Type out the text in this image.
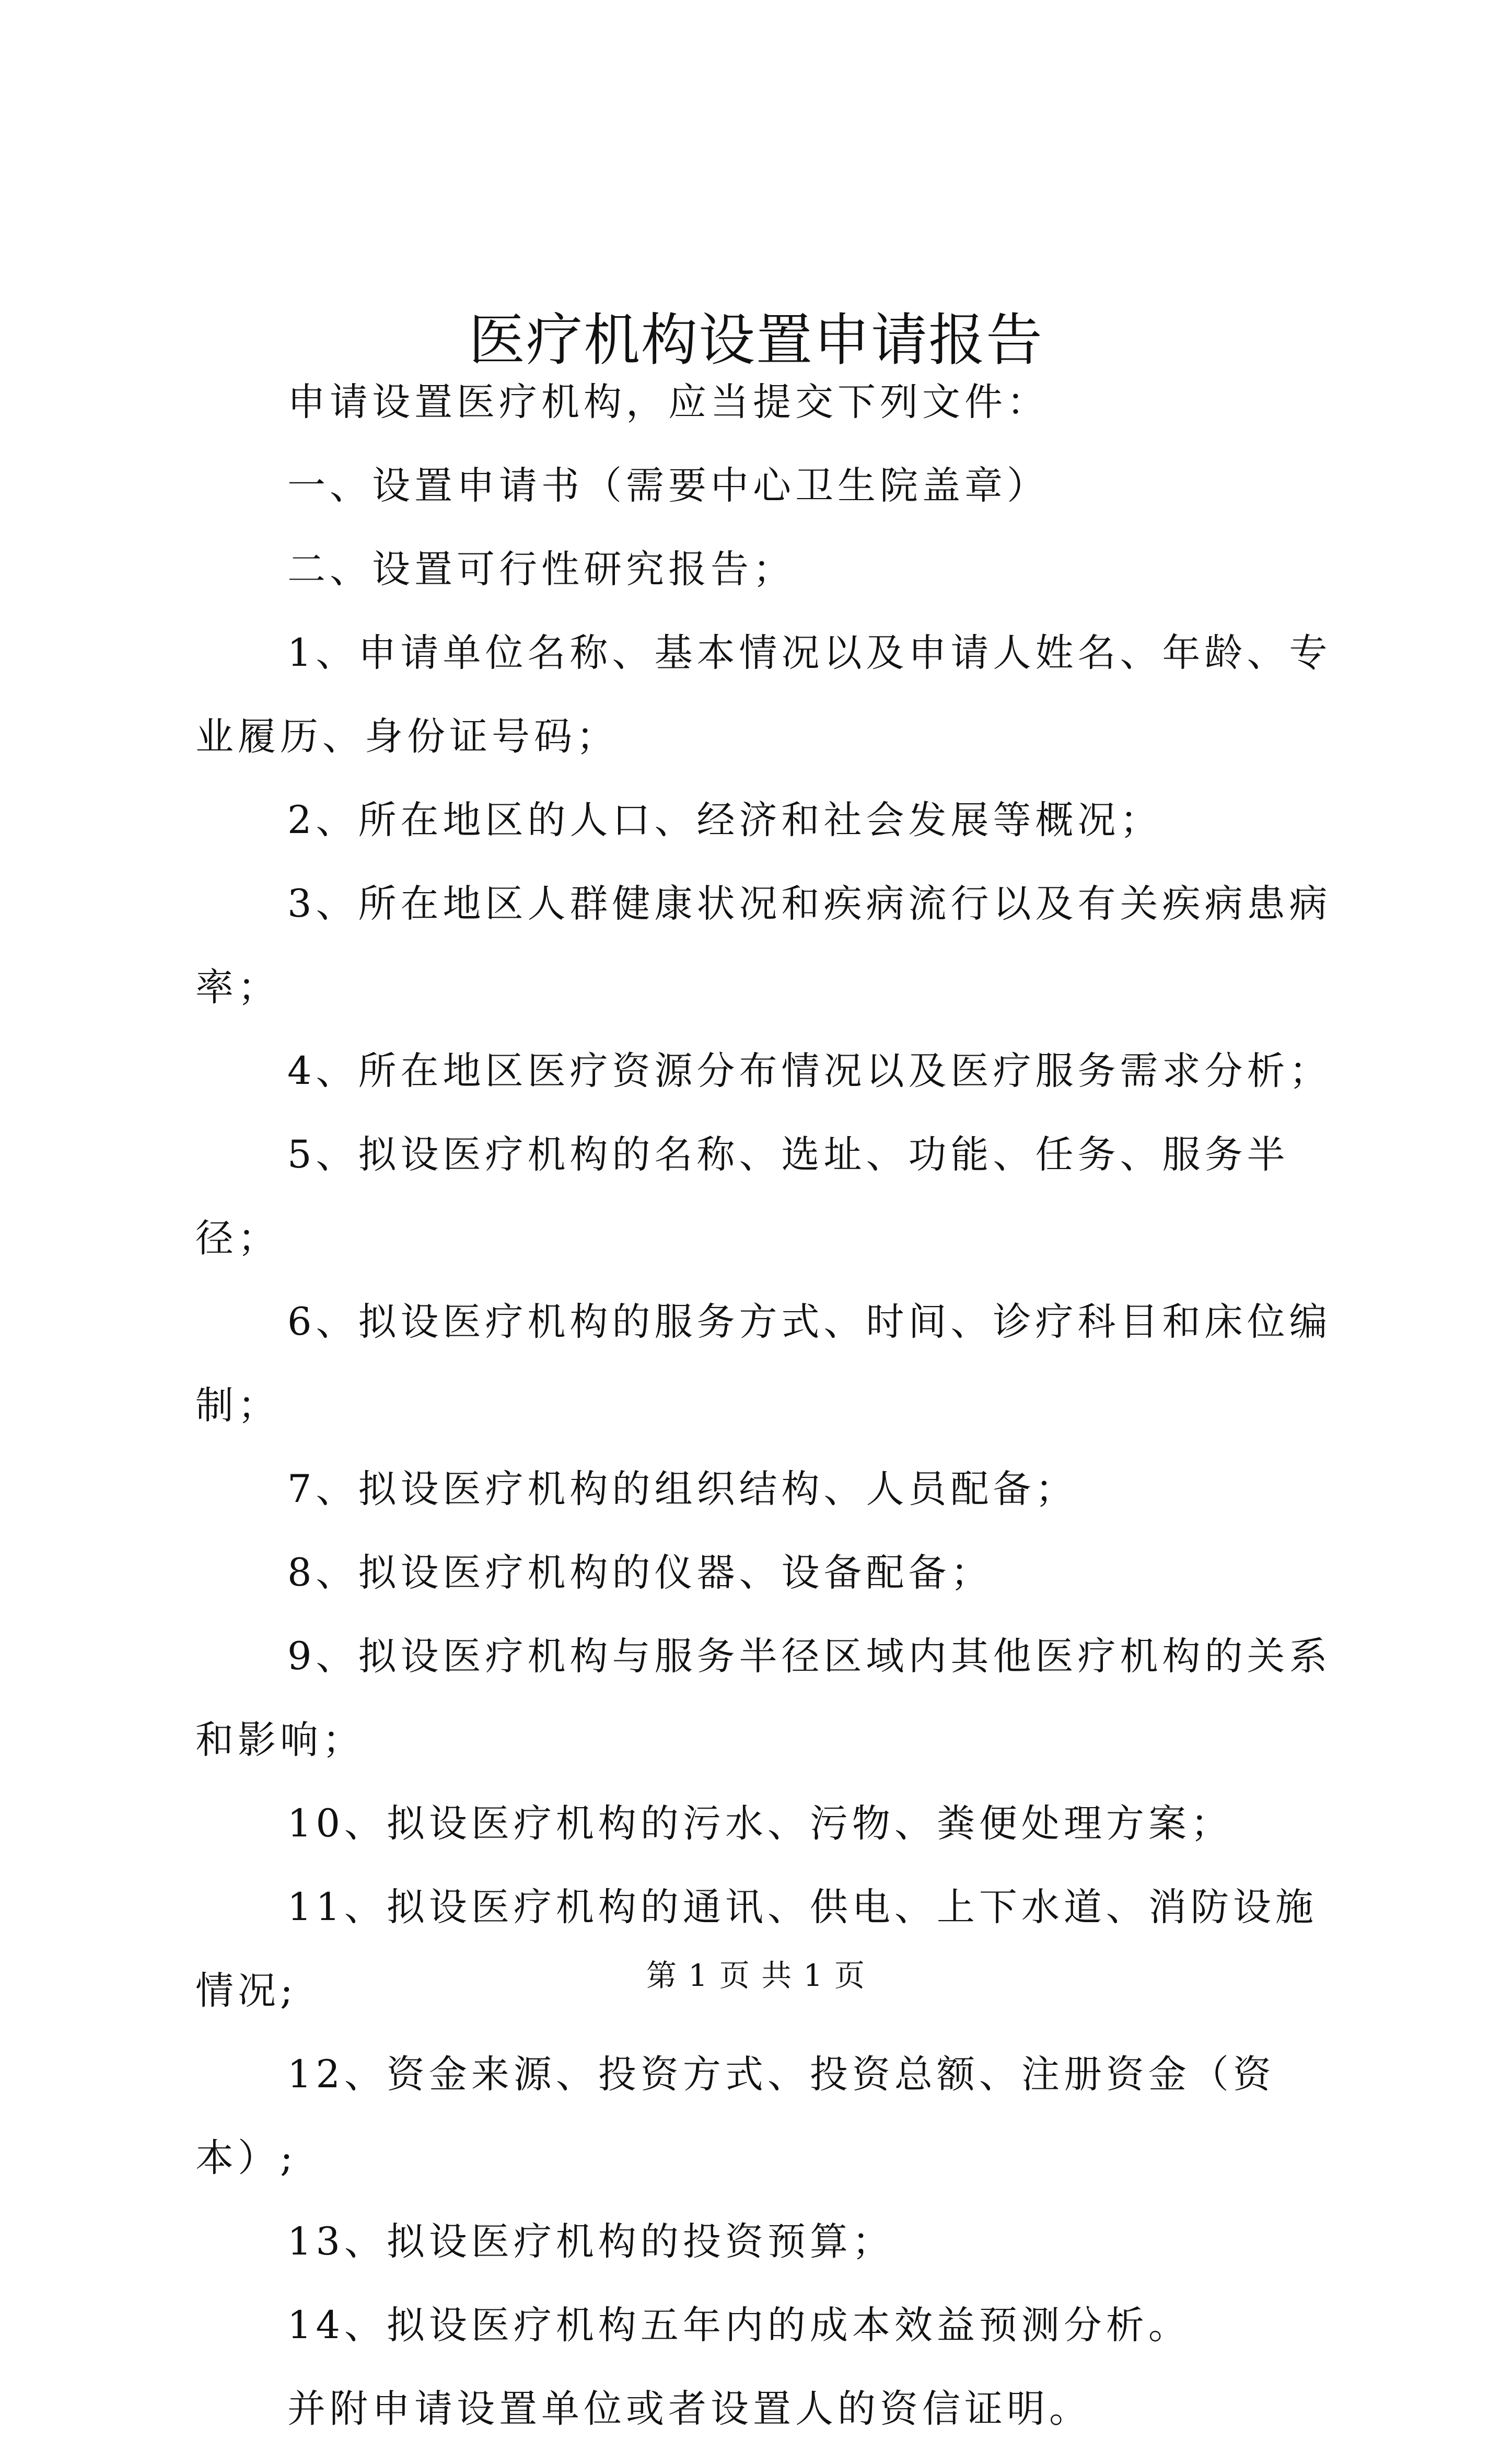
医疗机构设置申请报告

申请设置医疗机构，应当提交下列文件：

一、设置申请书（需要中心卫生院盖章）

二、设置可行性研究报告；

1、申请单位名称、基本情况以及申请人姓名、年龄、专业履历、身份证号码；

2、所在地区的人口、经济和社会发展等概况；

3、所在地区人群健康状况和疾病流行以及有关疾病患病率；

4、所在地区医疗资源分布情况以及医疗服务需求分析；

5、拟设医疗机构的名称、选址、功能、任务、服务半径；

6、拟设医疗机构的服务方式、时间、诊疗科目和床位编制；

7、拟设医疗机构的组织结构、人员配备；

8、拟设医疗机构的仪器、设备配备；

9、拟设医疗机构与服务半径区域内其他医疗机构的关系和影响；

10、拟设医疗机构的污水、污物、粪便处理方案；

11、拟设医疗机构的通讯、供电、上下水道、消防设施情况;

12、资金来源、投资方式、投资总额、注册资金（资本）;

13、拟设医疗机构的投资预算；

14、拟设医疗机构五年内的成本效益预测分析。

并附申请设置单位或者设置人的资信证明。

第 1 页 共 1 页
